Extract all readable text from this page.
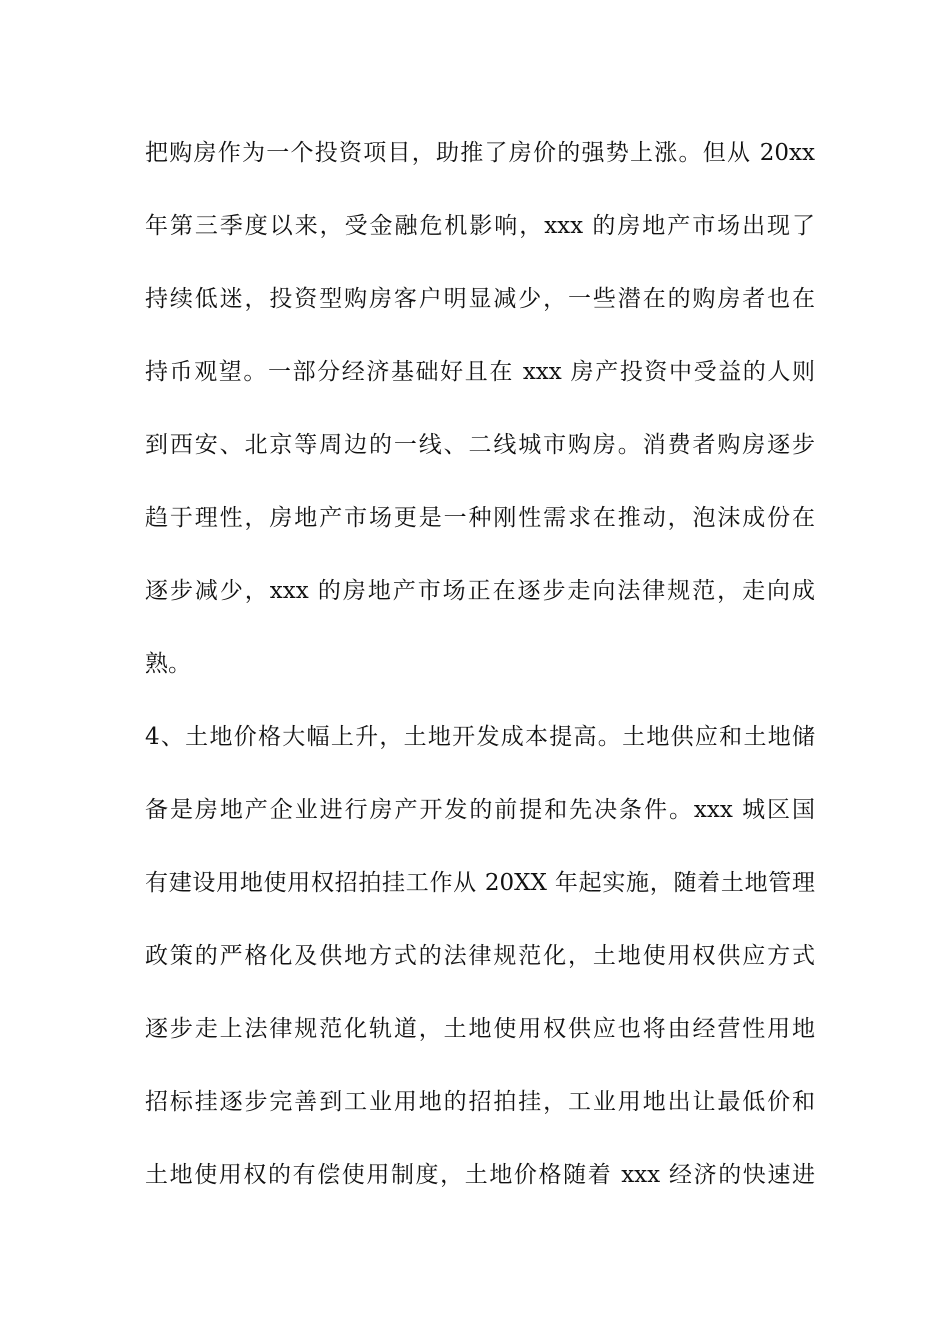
把购房作为一个投资项目，助推了房价的强势上涨。但从 20xx
年第三季度以来，受金融危机影响，xxx 的房地产市场出现了
持续低迷，投资型购房客户明显减少，一些潜在的购房者也在
持币观望。一部分经济基础好且在 xxx 房产投资中受益的人则
到西安、北京等周边的一线、二线城市购房。消费者购房逐步
趋于理性，房地产市场更是一种刚性需求在推动，泡沫成份在
逐步减少，xxx 的房地产市场正在逐步走向法律规范，走向成
熟。
4、土地价格大幅上升，土地开发成本提高。土地供应和土地储
备是房地产企业进行房产开发的前提和先决条件。xxx 城区国
有建设用地使用权招拍挂工作从 20XX 年起实施，随着土地管理
政策的严格化及供地方式的法律规范化，土地使用权供应方式
逐步走上法律规范化轨道，土地使用权供应也将由经营性用地
招标挂逐步完善到工业用地的招拍挂，工业用地出让最低价和
土地使用权的有偿使用制度，土地价格随着 xxx 经济的快速进
